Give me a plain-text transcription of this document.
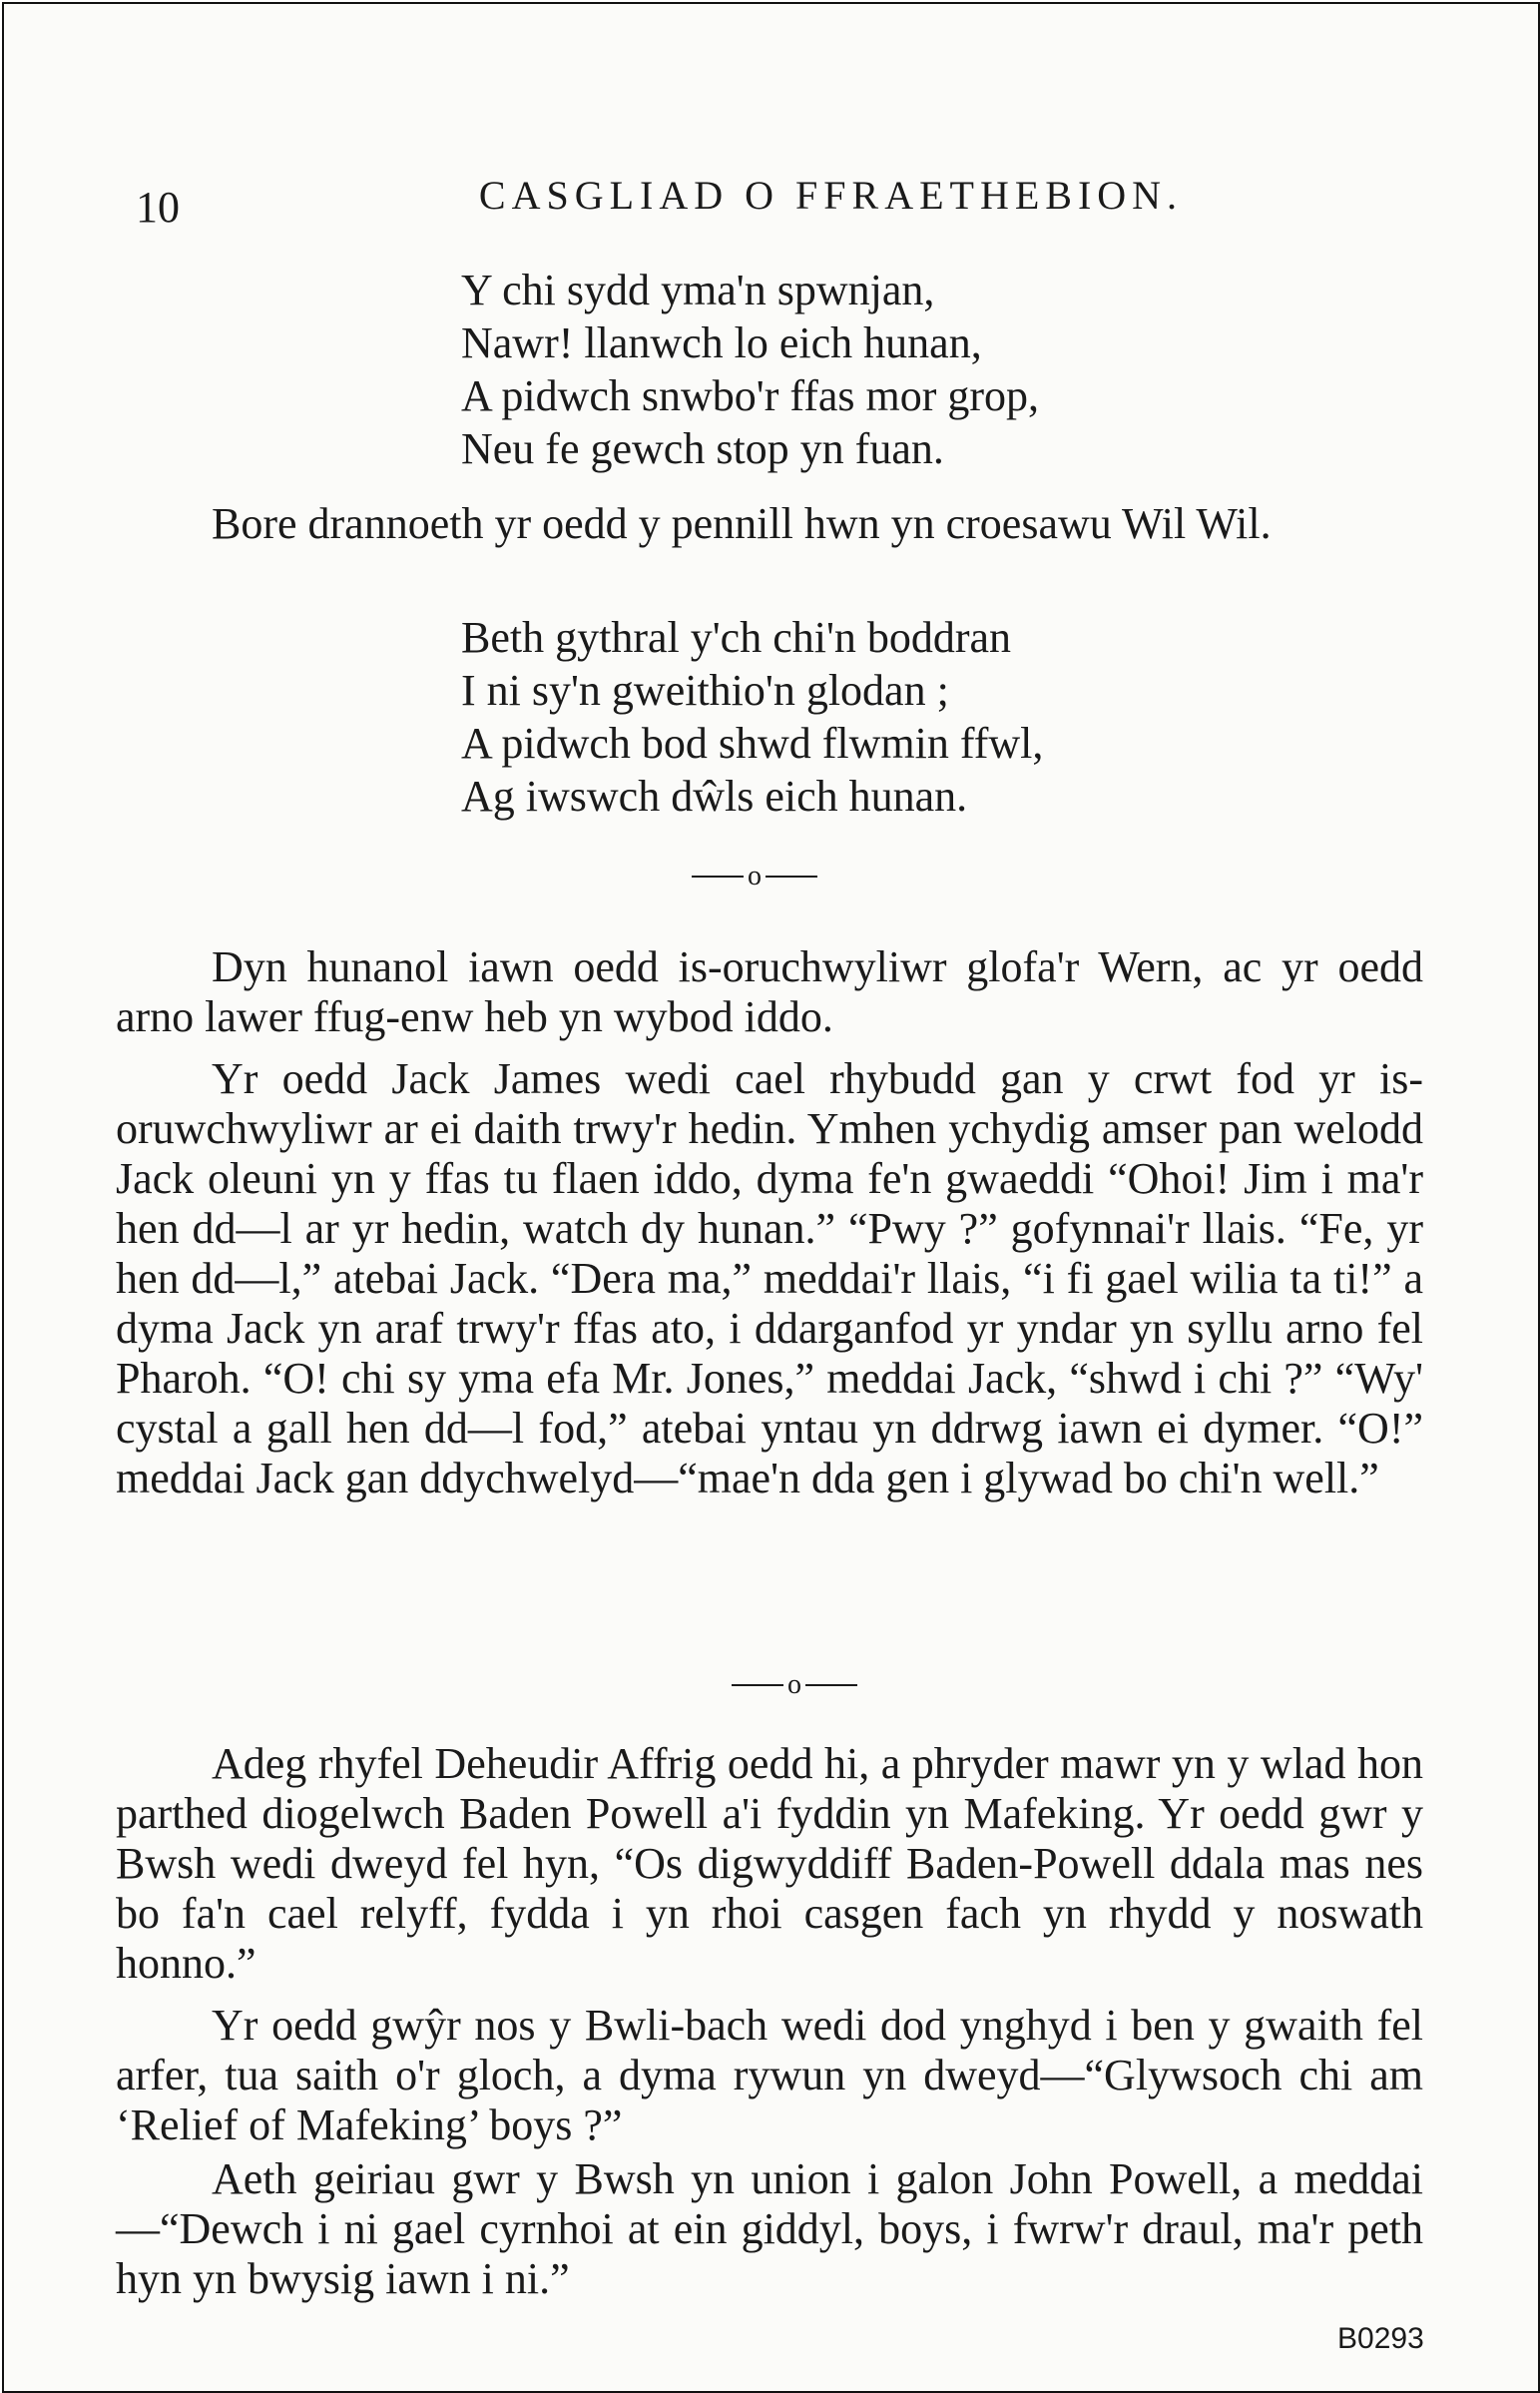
10	CASGLIAD O FFRAETHEBION.
Y chi sydd yma'n spwnjan,
Nawr! llanwch lo eich hunan,
A pidwch snwbo'r ffas mor grop,
Neu fe gewch stop yn fuan.
Bore drannoeth yr oedd y pennill hwn yn croesawu Wil Wil.
Beth gythral y'ch chi'n boddran
I ni sy'n gweithio'n glodan ;
A pidwch bod shwd flwmin ffwl,
Ag iwswch dŵls eich hunan.
o
Dyn hunanol iawn oedd is-oruchwyliwr glofa'r Wern, ac yr oedd arno lawer ffug-enw heb yn wybod iddo.
Yr oedd Jack James wedi cael rhybudd gan y crwt fod yr is-oruwchwyliwr ar ei daith trwy'r hedin. Ymhen ychydig amser pan welodd Jack oleuni yn y ffas tu flaen iddo, dyma fe'n gwaeddi “Ohoi! Jim i ma'r hen dd—l ar yr hedin, watch dy hunan.” “Pwy ?” gofynnai'r llais. “Fe, yr hen dd—l,” atebai Jack. “Dera ma,” meddai'r llais, “i fi gael wilia ta ti!” a dyma Jack yn araf trwy'r ffas ato, i ddarganfod yr yndar yn syllu arno fel Pharoh. “O! chi sy yma efa Mr. Jones,” meddai Jack, “shwd i chi ?” “Wy' cystal a gall hen dd—l fod,” atebai yntau yn ddrwg iawn ei dymer. “O!” meddai Jack gan ddychwelyd—“mae'n dda gen i glywad bo chi'n well.”
o
Adeg rhyfel Deheudir Affrig oedd hi, a phryder mawr yn y wlad hon parthed diogelwch Baden Powell a'i fyddin yn Mafeking. Yr oedd gwr y Bwsh wedi dweyd fel hyn, “Os digwyddiff Baden-Powell ddala mas nes bo fa'n cael relyff, fydda i yn rhoi casgen fach yn rhydd y noswath honno.”
Yr oedd gwŷr nos y Bwli-bach wedi dod ynghyd i ben y gwaith fel arfer, tua saith o'r gloch, a dyma rywun yn dweyd—“Glywsoch chi am ‘Relief of Mafeking’ boys ?”
Aeth geiriau gwr y Bwsh yn union i galon John Powell, a meddai—“Dewch i ni gael cyrnhoi at ein giddyl, boys, i fwrw'r draul, ma'r peth hyn yn bwysig iawn i ni.”
B0293
